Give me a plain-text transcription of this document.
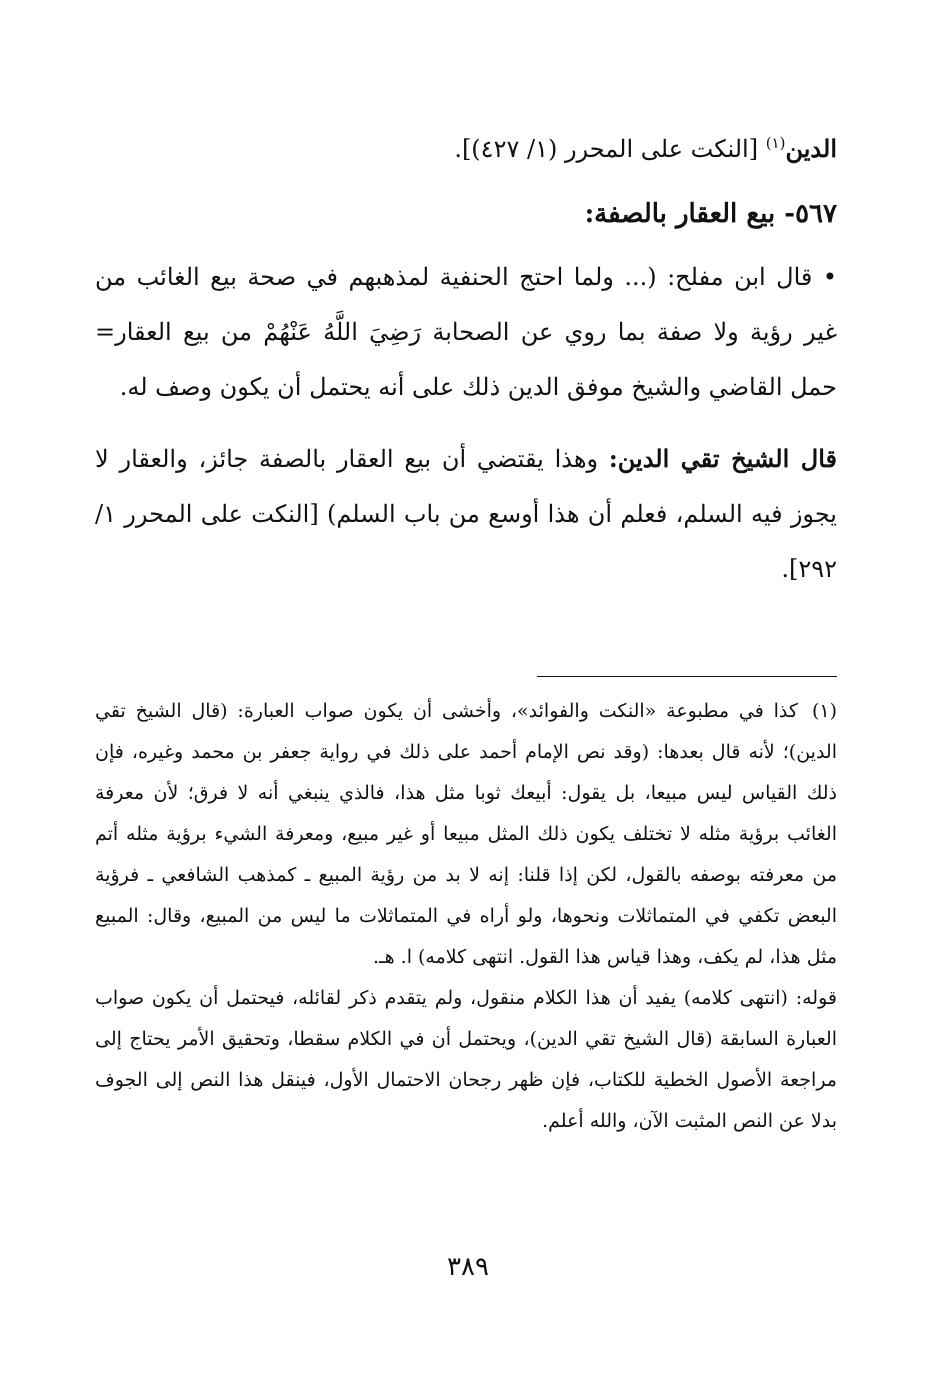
الدين$^{(١)}$ [النكت على المحرر (١/ ٤٢٧)].

٥٦٧- بيع العقار بالصفة:

• قال ابن مفلح: (... ولما احتج الحنفية لمذهبهم في صحة بيع الغائب من غير رؤية ولا صفة بما روي عن الصحابة رَضِيَ اللَّهُ عَنْهُمْ من بيع العقار= حمل القاضي والشيخ موفق الدين ذلك على أنه يحتمل أن يكون وصف له.

قال الشيخ تقي الدين: وهذا يقتضي أن بيع العقار بالصفة جائز، والعقار لا يجوز فيه السلم، فعلم أن هذا أوسع من باب السلم) [النكت على المحرر ١/ ٢٩٢].

(١)كذا في مطبوعة «النكت والفوائد»، وأخشى أن يكون صواب العبارة: (قال الشيخ تقي الدين)؛ لأنه قال بعدها: (وقد نص الإمام أحمد على ذلك في رواية جعفر بن محمد وغيره، فإن ذلك القياس ليس مبيعا، بل يقول: أبيعك ثوبا مثل هذا، فالذي ينبغي أنه لا فرق؛ لأن معرفة الغائب برؤية مثله لا تختلف يكون ذلك المثل مبيعا أو غير مبيع، ومعرفة الشيء برؤية مثله أتم من معرفته بوصفه بالقول، لكن إذا قلنا: إنه لا بد من رؤية المبيع ـ كمذهب الشافعي ـ فرؤية البعض تكفي في المتماثلات ونحوها، ولو أراه في المتماثلات ما ليس من المبيع، وقال: المبيع مثل هذا، لم يكف، وهذا قياس هذا القول. انتهى كلامه) ا. هـ.

قوله: (انتهى كلامه) يفيد أن هذا الكلام منقول، ولم يتقدم ذكر لقائله، فيحتمل أن يكون صواب العبارة السابقة (قال الشيخ تقي الدين)، ويحتمل أن في الكلام سقطا، وتحقيق الأمر يحتاج إلى مراجعة الأصول الخطية للكتاب، فإن ظهر رجحان الاحتمال الأول، فينقل هذا النص إلى الجوف بدلا عن النص المثبت الآن، والله أعلم.

٣٨٩
